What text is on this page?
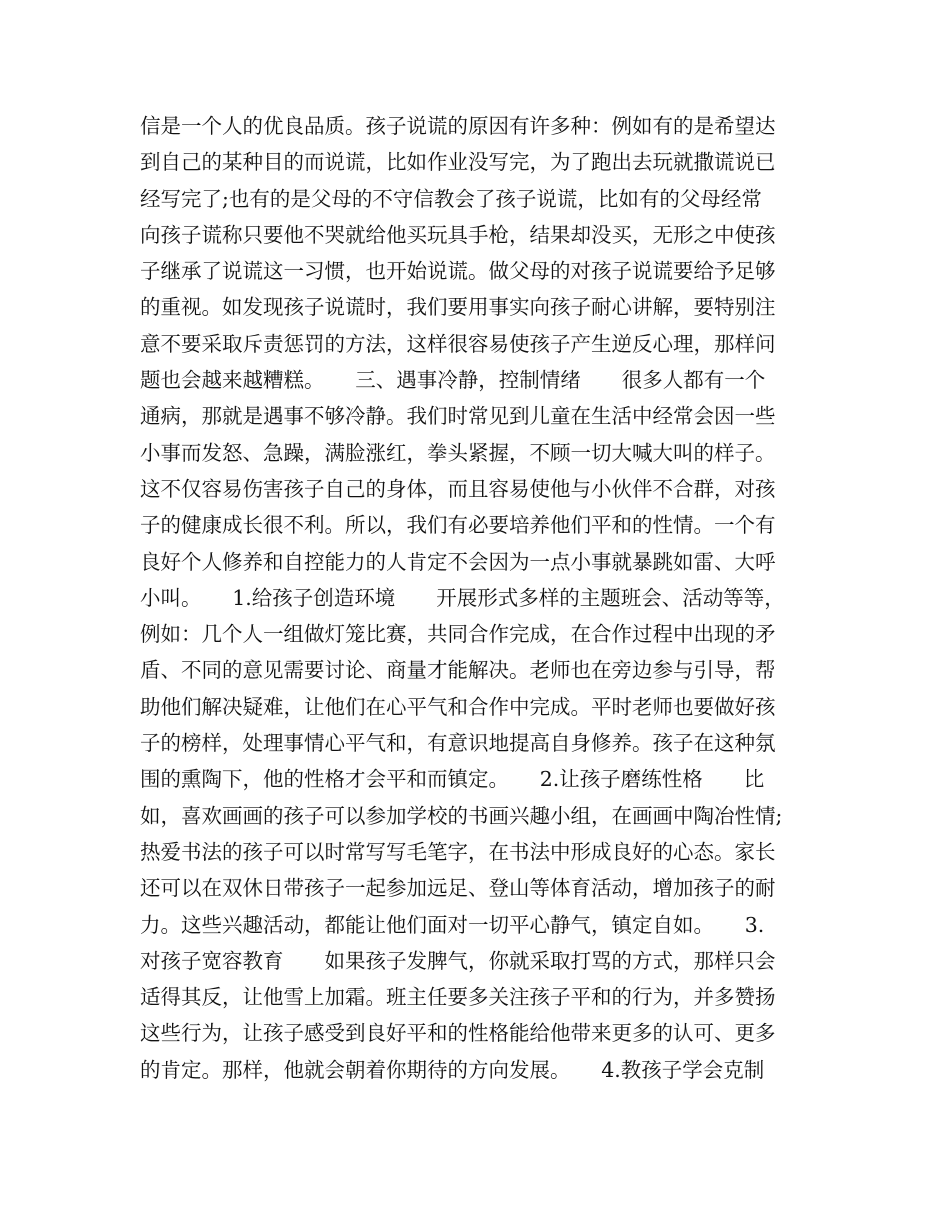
信是一个人的优良品质。孩子说谎的原因有许多种：例如有的是希望达
到自己的某种目的而说谎，比如作业没写完，为了跑出去玩就撒谎说已
经写完了;也有的是父母的不守信教会了孩子说谎，比如有的父母经常
向孩子谎称只要他不哭就给他买玩具手枪，结果却没买，无形之中使孩
子继承了说谎这一习惯，也开始说谎。做父母的对孩子说谎要给予足够
的重视。如发现孩子说谎时，我们要用事实向孩子耐心讲解，要特别注
意不要采取斥责惩罚的方法，这样很容易使孩子产生逆反心理，那样问
题也会越来越糟糕。　　三、遇事冷静，控制情绪　　很多人都有一个
通病，那就是遇事不够冷静。我们时常见到儿童在生活中经常会因一些
小事而发怒、急躁，满脸涨红，拳头紧握，不顾一切大喊大叫的样子。
这不仅容易伤害孩子自己的身体，而且容易使他与小伙伴不合群，对孩
子的健康成长很不利。所以，我们有必要培养他们平和的性情。一个有
良好个人修养和自控能力的人肯定不会因为一点小事就暴跳如雷、大呼
小叫。　　1.给孩子创造环境　　开展形式多样的主题班会、活动等等，
例如：几个人一组做灯笼比赛，共同合作完成，在合作过程中出现的矛
盾、不同的意见需要讨论、商量才能解决。老师也在旁边参与引导，帮
助他们解决疑难，让他们在心平气和合作中完成。平时老师也要做好孩
子的榜样，处理事情心平气和，有意识地提高自身修养。孩子在这种氛
围的熏陶下，他的性格才会平和而镇定。　　2.让孩子磨练性格　　比
如，喜欢画画的孩子可以参加学校的书画兴趣小组，在画画中陶冶性情;
热爱书法的孩子可以时常写写毛笔字，在书法中形成良好的心态。家长
还可以在双休日带孩子一起参加远足、登山等体育活动，增加孩子的耐
力。这些兴趣活动，都能让他们面对一切平心静气，镇定自如。　　3.
对孩子宽容教育　　如果孩子发脾气，你就采取打骂的方式，那样只会
适得其反，让他雪上加霜。班主任要多关注孩子平和的行为，并多赞扬
这些行为，让孩子感受到良好平和的性格能给他带来更多的认可、更多
的肯定。那样，他就会朝着你期待的方向发展。　　4.教孩子学会克制
